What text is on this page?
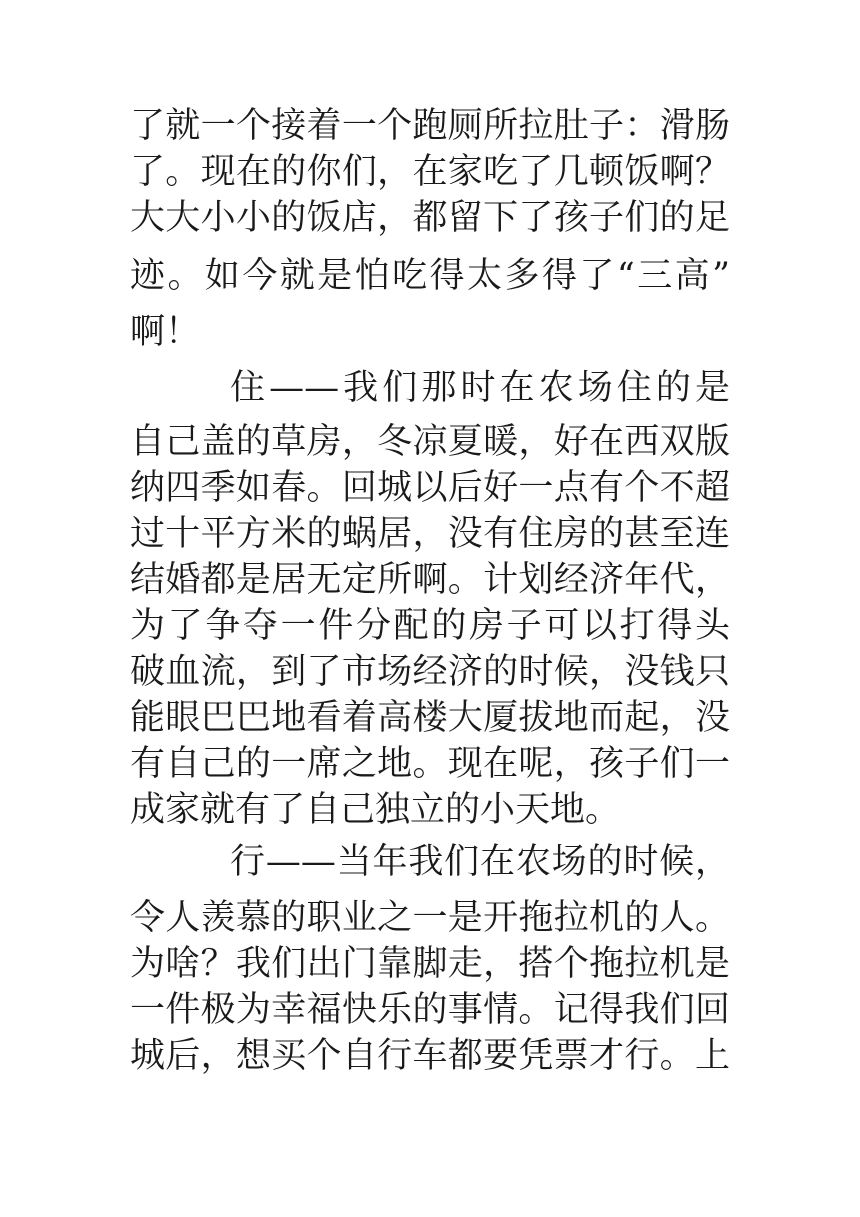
了就一个接着一个跑厕所拉肚子：滑肠
了。现在的你们，在家吃了几顿饭啊？
大大小小的饭店，都留下了孩子们的足
迹。如今就是怕吃得太多得了“三高”
啊！
住——我们那时在农场住的是
自己盖的草房，冬凉夏暖，好在西双版
纳四季如春。回城以后好一点有个不超
过十平方米的蜗居，没有住房的甚至连
结婚都是居无定所啊。计划经济年代，
为了争夺一件分配的房子可以打得头
破血流，到了市场经济的时候，没钱只
能眼巴巴地看着高楼大厦拔地而起，没
有自己的一席之地。现在呢，孩子们一
成家就有了自己独立的小天地。
行——当年我们在农场的时候，
令人羡慕的职业之一是开拖拉机的人。
为啥？我们出门靠脚走，搭个拖拉机是
一件极为幸福快乐的事情。记得我们回
城后，想买个自行车都要凭票才行。上
